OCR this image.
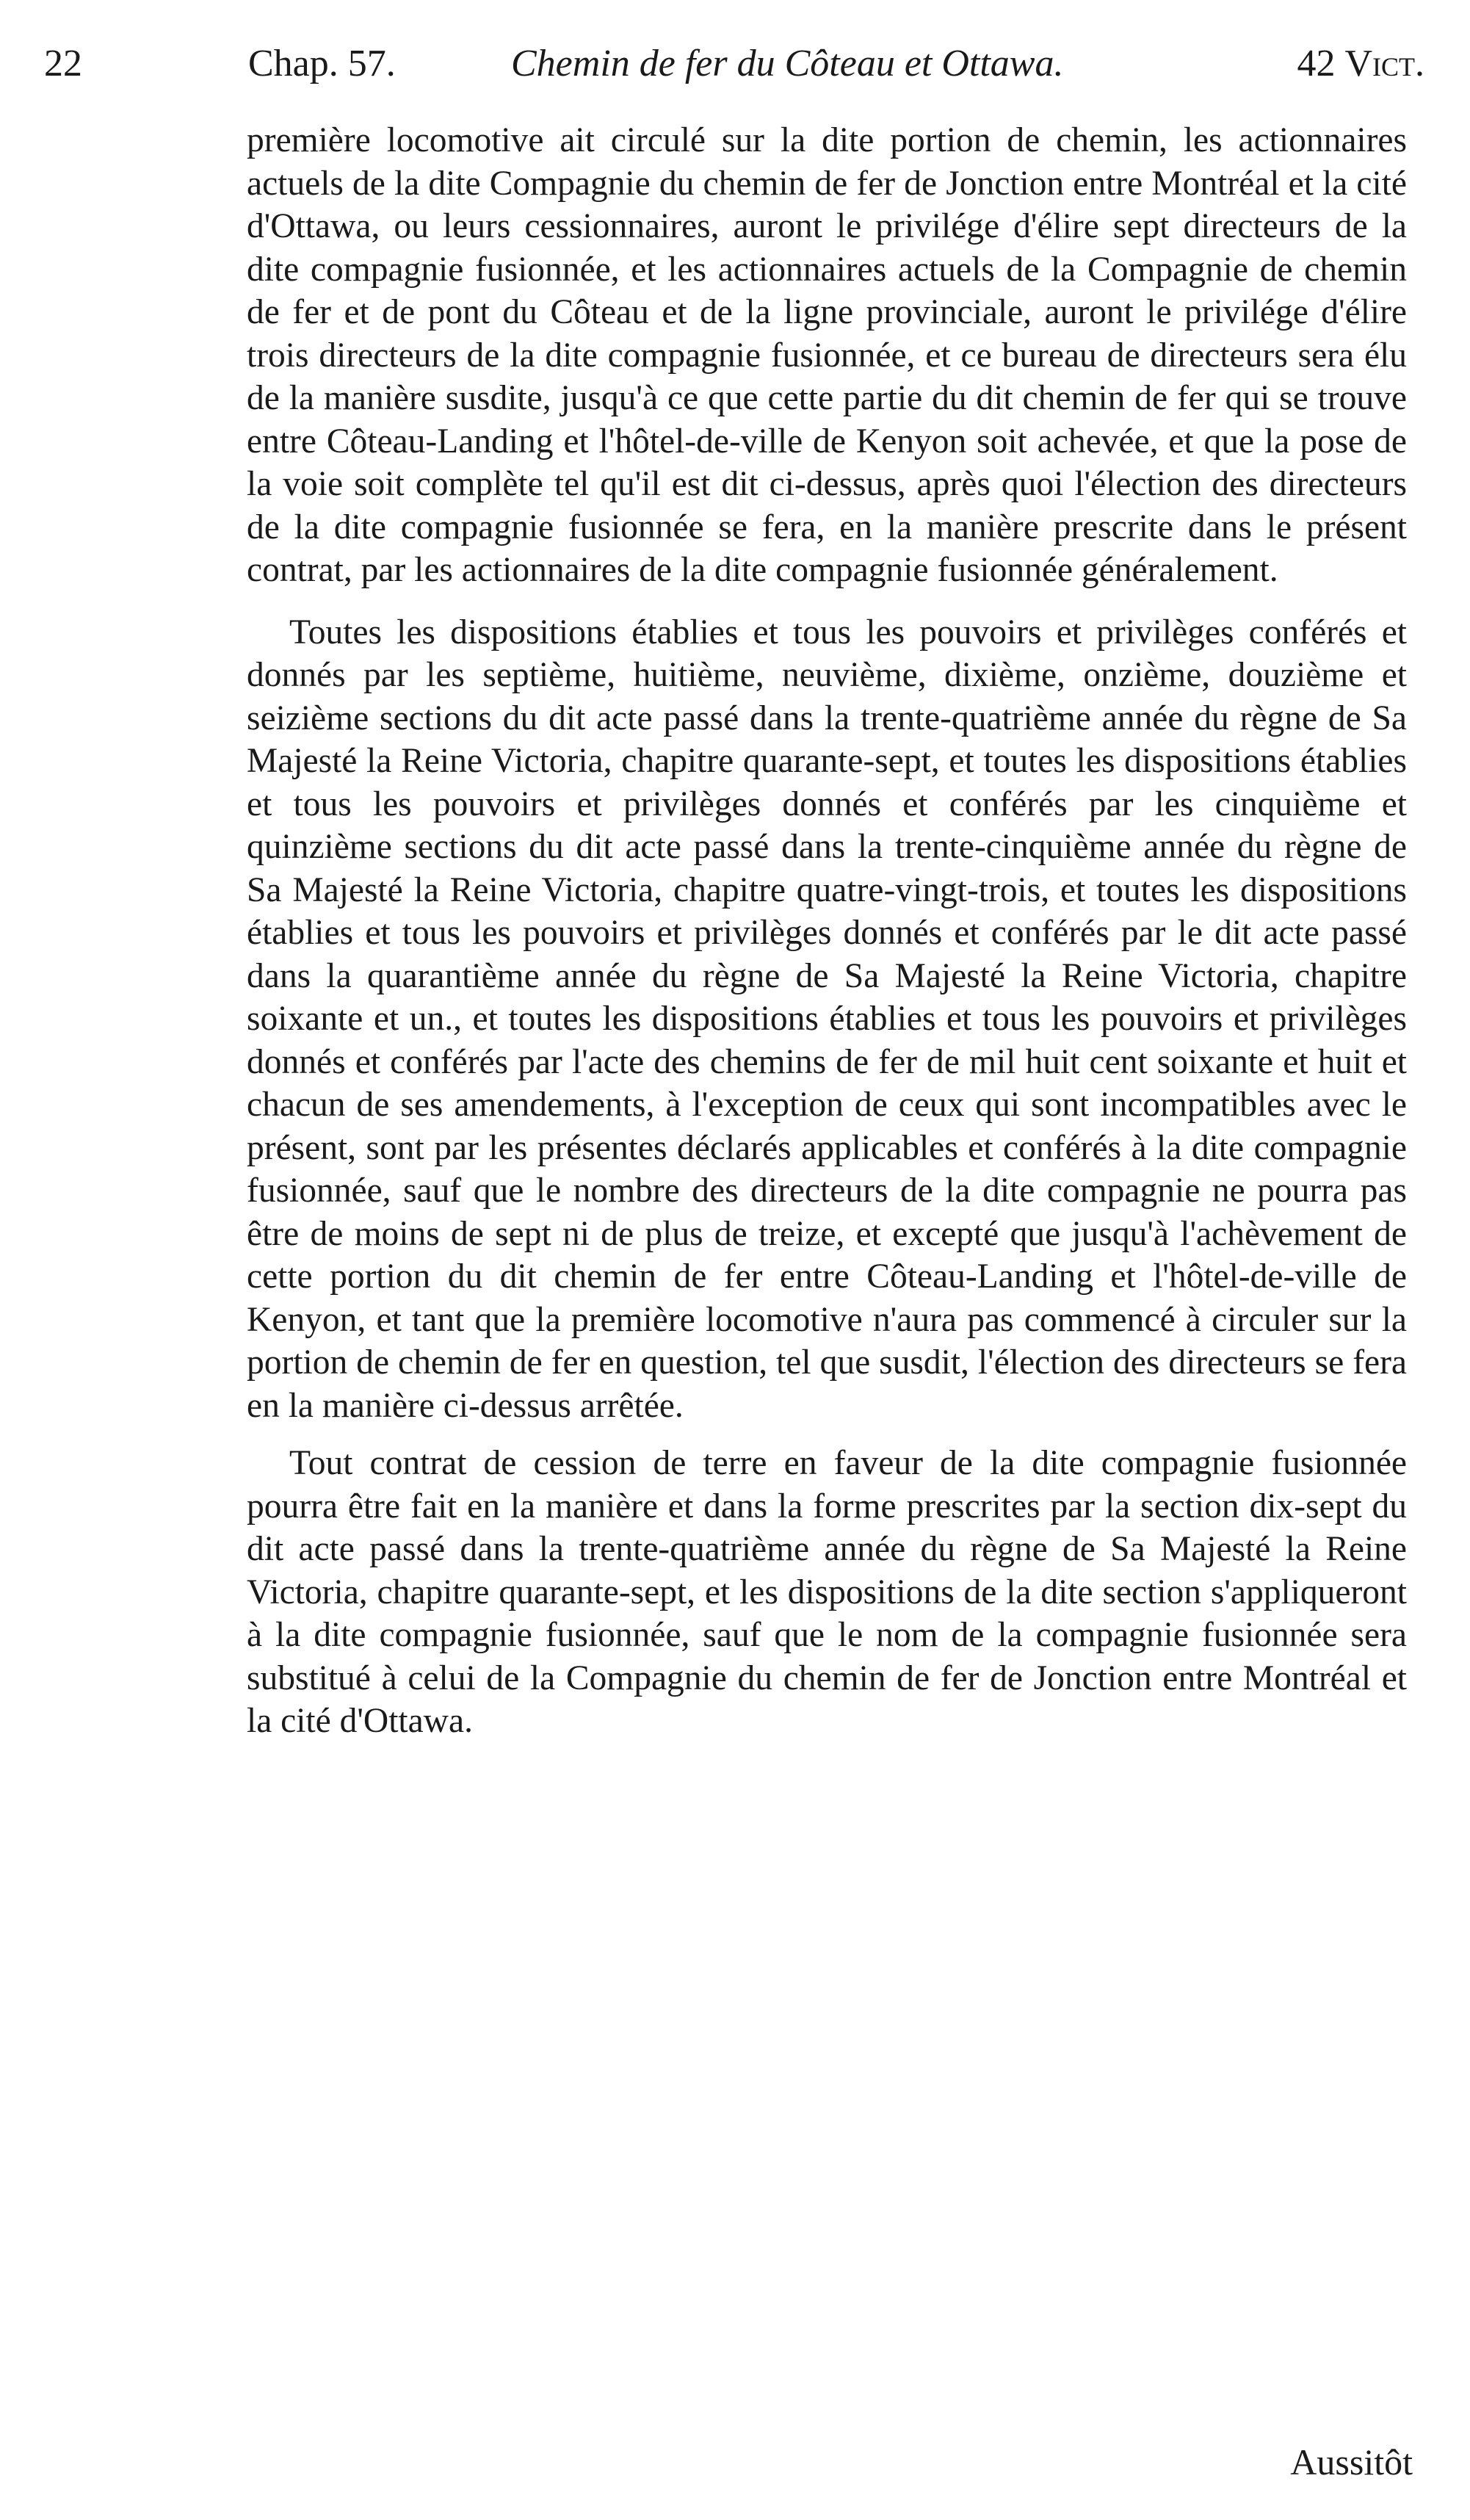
22	Chap. 57.	Chemin de fer du Côteau et Ottawa.	42 Vict.

première locomotive ait circulé sur la dite portion de chemin, les actionnaires actuels de la dite Compagnie du chemin de fer de Jonction entre Montréal et la cité d'Ottawa, ou leurs cessionnaires, auront le privilége d'élire sept directeurs de la dite compagnie fusionnée, et les actionnaires actuels de la Compagnie de chemin de fer et de pont du Côteau et de la ligne provinciale, auront le privilége d'élire trois directeurs de la dite compagnie fusionnée, et ce bureau de directeurs sera élu de la manière susdite, jusqu'à ce que cette partie du dit chemin de fer qui se trouve entre Côteau-Landing et l'hôtel-de-ville de Kenyon soit achevée, et que la pose de la voie soit complète tel qu'il est dit ci-dessus, après quoi l'élection des directeurs de la dite compagnie fusionnée se fera, en la manière prescrite dans le présent contrat, par les actionnaires de la dite compagnie fusionnée généralement.

Toutes les dispositions établies et tous les pouvoirs et privilèges conférés et donnés par les septième, huitième, neuvième, dixième, onzième, douzième et seizième sections du dit acte passé dans la trente-quatrième année du règne de Sa Majesté la Reine Victoria, chapitre quarante-sept, et toutes les dispositions établies et tous les pouvoirs et privilèges donnés et conférés par les cinquième et quinzième sections du dit acte passé dans la trente-cinquième année du règne de Sa Majesté la Reine Victoria, chapitre quatre-vingt-trois, et toutes les dispositions établies et tous les pouvoirs et privilèges donnés et conférés par le dit acte passé dans la quarantième année du règne de Sa Majesté la Reine Victoria, chapitre soixante et un., et toutes les dispositions établies et tous les pouvoirs et privilèges donnés et conférés par l'acte des chemins de fer de mil huit cent soixante et huit et chacun de ses amendements, à l'exception de ceux qui sont incompatibles avec le présent, sont par les présentes déclarés applicables et conférés à la dite compagnie fusionnée, sauf que le nombre des directeurs de la dite compagnie ne pourra pas être de moins de sept ni de plus de treize, et excepté que jusqu'à l'achèvement de cette portion du dit chemin de fer entre Côteau-Landing et l'hôtel-de-ville de Kenyon, et tant que la première locomotive n'aura pas commencé à circuler sur la portion de chemin de fer en question, tel que susdit, l'élection des directeurs se fera en la manière ci-dessus arrêtée.

Tout contrat de cession de terre en faveur de la dite compagnie fusionnée pourra être fait en la manière et dans la forme prescrites par la section dix-sept du dit acte passé dans la trente-quatrième année du règne de Sa Majesté la Reine Victoria, chapitre quarante-sept, et les dispositions de la dite section s'appliqueront à la dite compagnie fusionnée, sauf que le nom de la compagnie fusionnée sera substitué à celui de la Compagnie du chemin de fer de Jonction entre Montréal et la cité d'Ottawa.

Aussitôt
